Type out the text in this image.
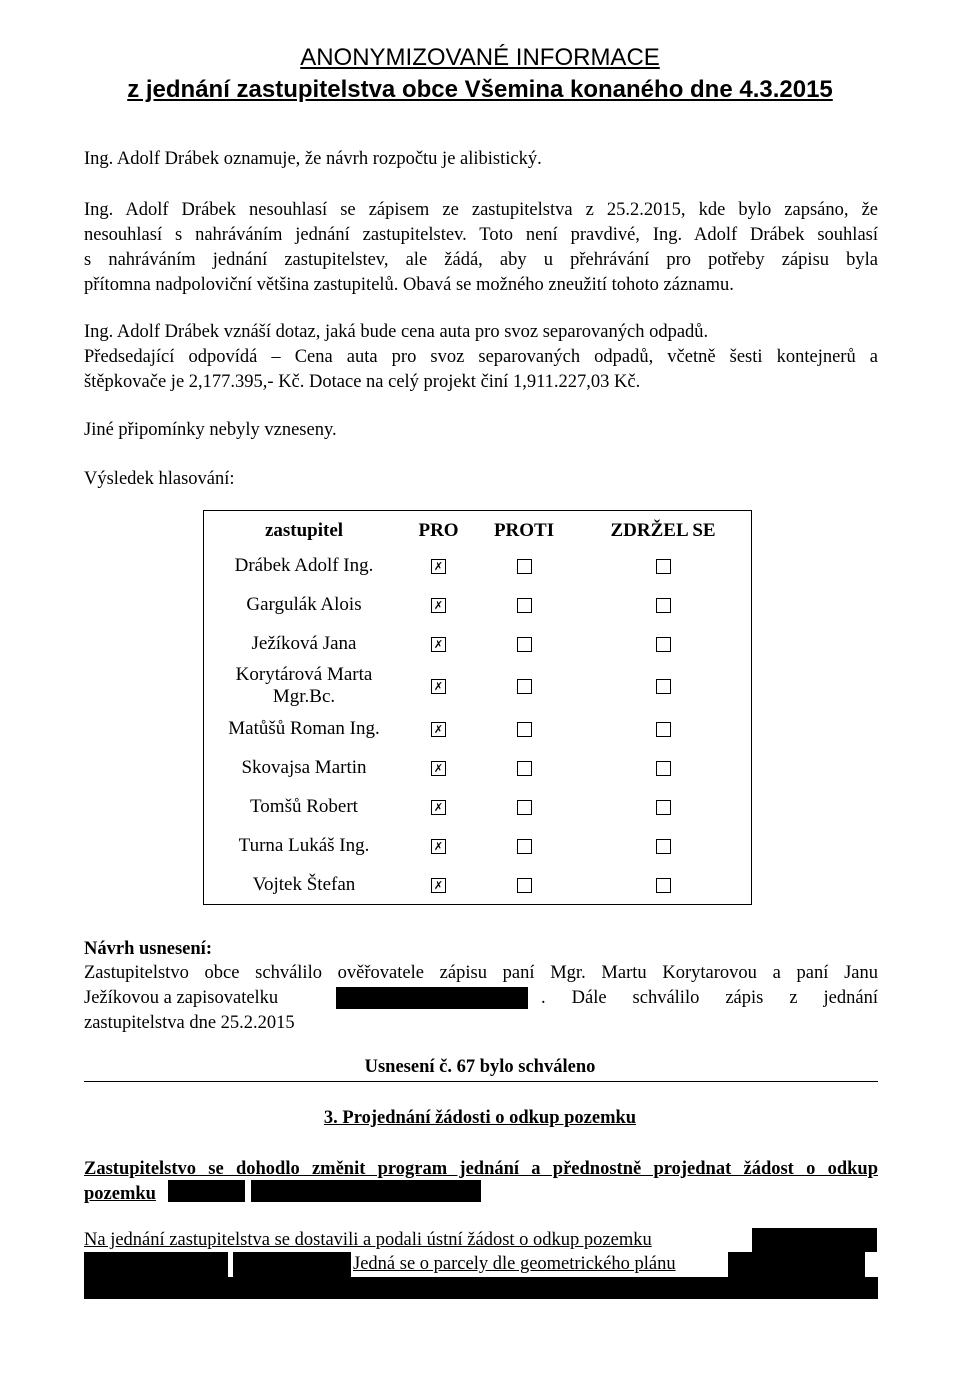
ANONYMIZOVANÉ INFORMACE
z jednání zastupitelstva obce Všemina konaného dne 4.3.2015
Ing. Adolf Drábek oznamuje, že návrh rozpočtu je alibistický.
Ing. Adolf Drábek nesouhlasí se zápisem ze zastupitelstva z 25.2.2015, kde bylo zapsáno, že
nesouhlasí s nahráváním jednání zastupitelstev. Toto není pravdivé, Ing. Adolf Drábek souhlasí
s nahráváním jednání zastupitelstev, ale žádá, aby u přehrávání pro potřeby zápisu byla
přítomna nadpoloviční většina zastupitelů. Obavá se možného zneužití tohoto záznamu.
Ing. Adolf Drábek vznáší dotaz, jaká bude cena auta pro svoz separovaných odpadů.
Předsedající odpovídá – Cena auta pro svoz separovaných odpadů, včetně šesti kontejnerů a
štěpkovače je 2,177.395,- Kč. Dotace na celý projekt činí 1,911.227,03 Kč.
Jiné připomínky nebyly vzneseny.
Výsledek hlasování:
zastupitel	PRO	PROTI	ZDRŽEL SE
Drábek Adolf Ing.	✗		
Gargulák Alois	✗		
Ježíková Jana	✗		
Korytárová Marta
Mgr.Bc.	✗		
Matůšů Roman Ing.	✗		
Skovajsa Martin	✗		
Tomšů Robert	✗		
Turna Lukáš Ing.	✗		
Vojtek Štefan	✗		
Návrh usnesení:
Zastupitelstvo obce schválilo ověřovatele zápisu paní Mgr. Martu Korytarovou a paní Janu
Ježíkovou a zapisovatelku	. Dále schválilo zápis z jednání
zastupitelstva dne 25.2.2015
Usnesení č. 67 bylo schváleno
3. Projednání žádosti o odkup pozemku
Zastupitelstvo se dohodlo změnit program jednání a přednostně projednat žádost o odkup
pozemku
Na jednání zastupitelstva se dostavili a podali ústní žádost o odkup pozemku
Jedná se o parcely dle geometrického plánu
